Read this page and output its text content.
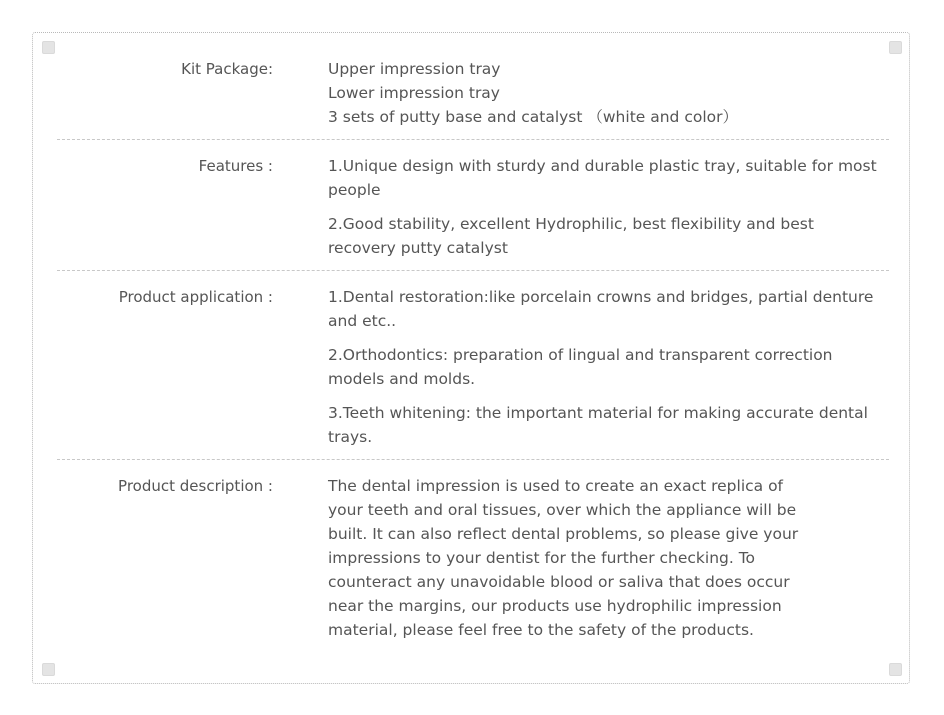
Kit Package:	Upper impression tray
Lower impression tray
3 sets of putty base and catalyst （white and color）
Features :	1.Unique design with sturdy and durable plastic tray, suitable for most people

2.Good stability, excellent Hydrophilic, best flexibility and best recovery putty catalyst

Product application :	1.Dental restoration:like porcelain crowns and bridges, partial denture and etc..

2.Orthodontics: preparation of lingual and transparent correction models and molds.

3.Teeth whitening: the important material for making accurate dental trays.

Product description :	The dental impression is used to create an exact replica of your teeth and oral tissues, over which the appliance will be built. It can also reflect dental problems, so please give your impressions to your dentist for the further checking. To counteract any unavoidable blood or saliva that does occur near the margins, our products use hydrophilic impression material, please feel free to the safety of the products.
